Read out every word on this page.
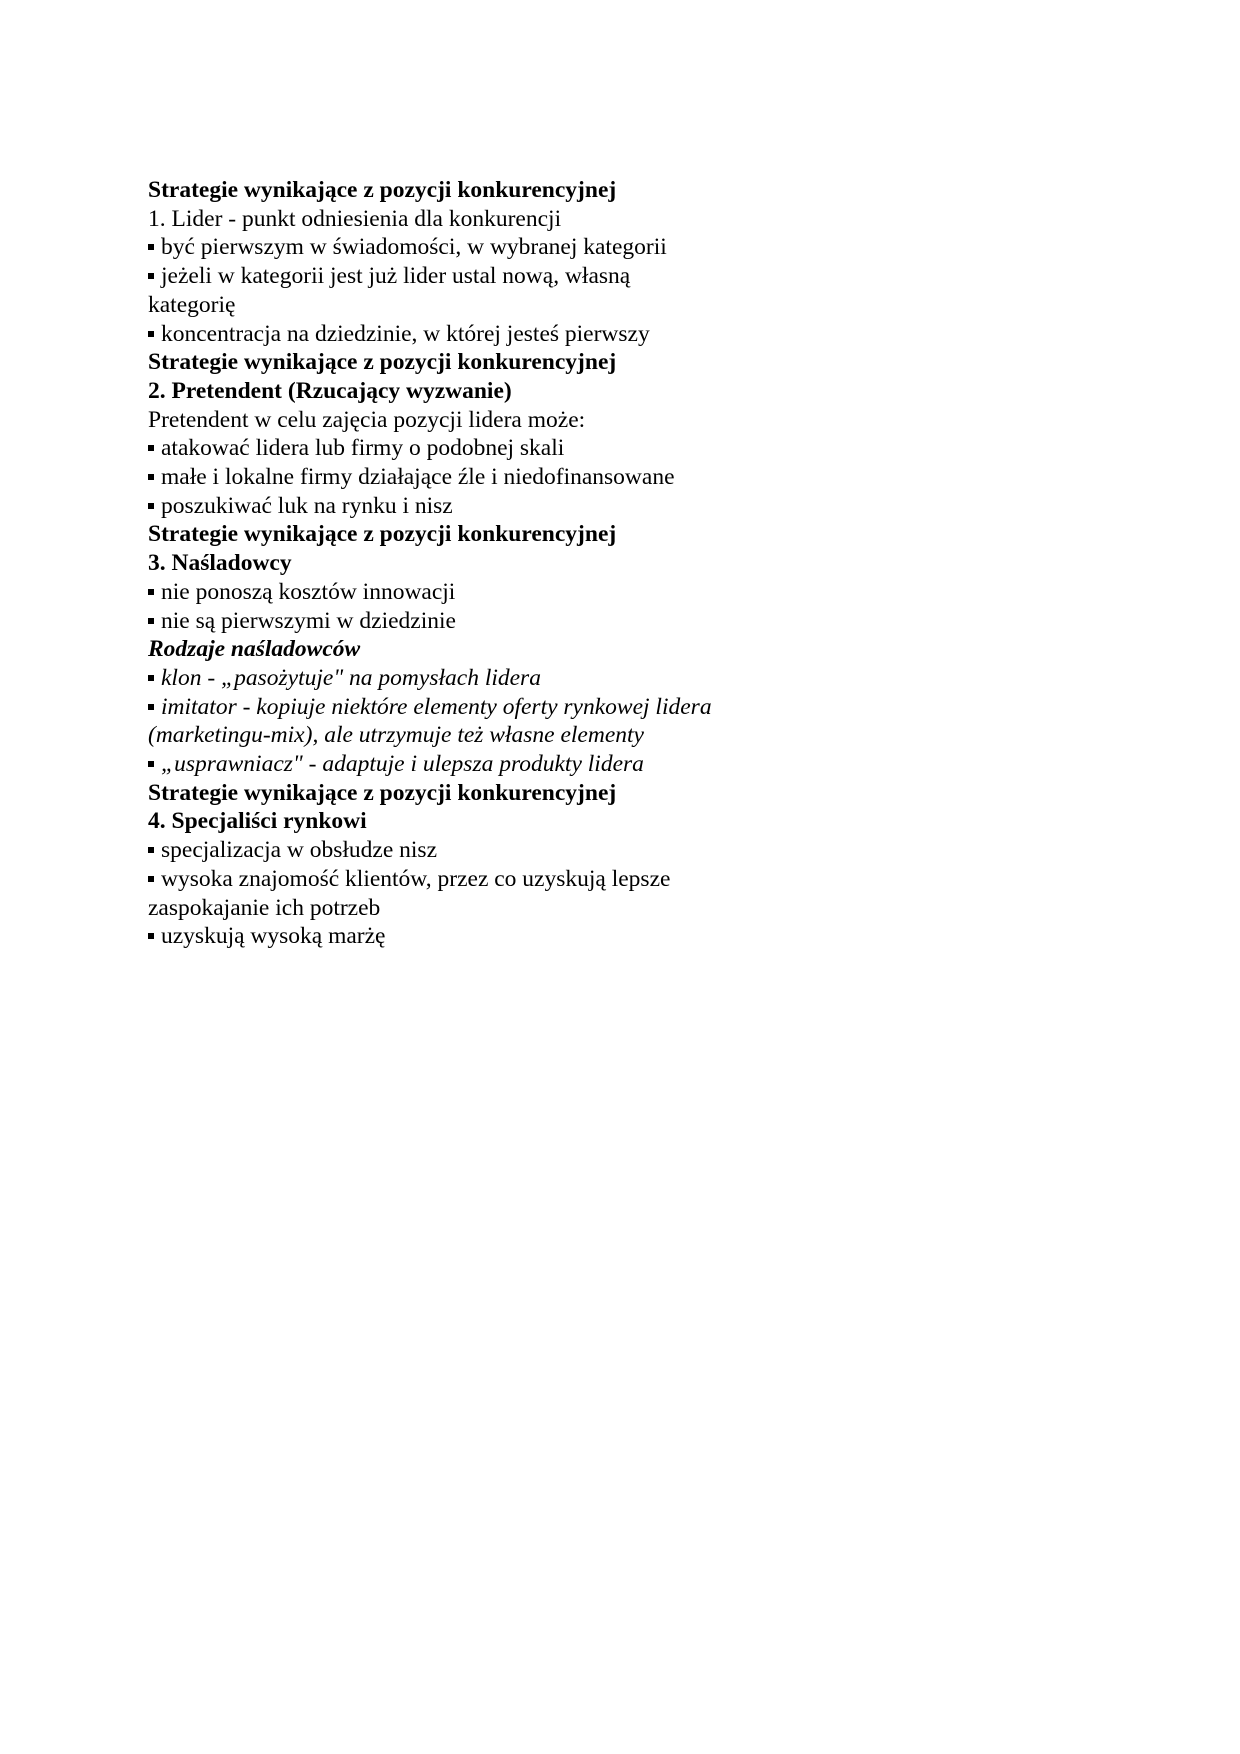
Strategie wynikające z pozycji konkurencyjnej
1. Lider - punkt odniesienia dla konkurencji
być pierwszym w świadomości, w wybranej kategorii
jeżeli w kategorii jest już lider ustal nową, własną
kategorię
koncentracja na dziedzinie, w której jesteś pierwszy
Strategie wynikające z pozycji konkurencyjnej
2. Pretendent (Rzucający wyzwanie)
Pretendent w celu zajęcia pozycji lidera może:
atakować lidera lub firmy o podobnej skali
małe i lokalne firmy działające źle i niedofinansowane
poszukiwać luk na rynku i nisz
Strategie wynikające z pozycji konkurencyjnej
3. Naśladowcy
nie ponoszą kosztów innowacji
nie są pierwszymi w dziedzinie
Rodzaje naśladowców
klon - „pasożytuje" na pomysłach lidera
imitator - kopiuje niektóre elementy oferty rynkowej lidera
(marketingu-mix), ale utrzymuje też własne elementy
„usprawniacz" - adaptuje i ulepsza produkty lidera
Strategie wynikające z pozycji konkurencyjnej
4. Specjaliści rynkowi
specjalizacja w obsłudze nisz
wysoka znajomość klientów, przez co uzyskują lepsze
zaspokajanie ich potrzeb
uzyskują wysoką marżę
